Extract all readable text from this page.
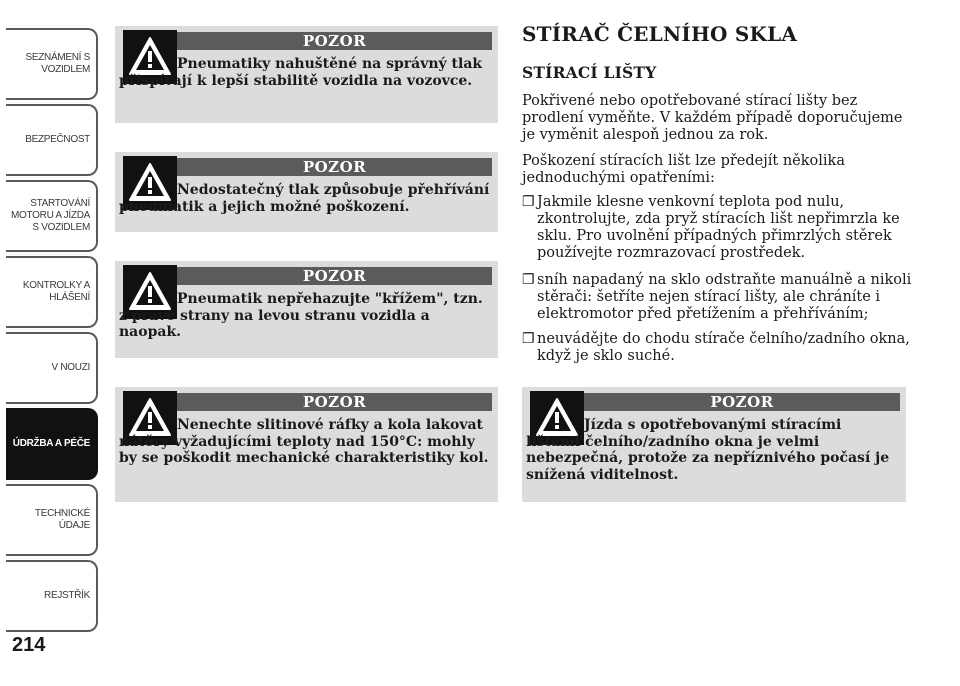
SEZNÁMENÍ S
VOZIDLEM
BEZPEČNOST
STARTOVÁNÍ
MOTORU A JÍZDA
S VOZIDLEM
KONTROLKY A
HLÁŠENÍ
V NOUZI
ÚDRŽBA A PÉČE
TECHNICKÉ
ÚDAJE
REJSTŘÍK
214
POZOR
Pneumatiky nahuštěné na správný tlak přispívají k lepší stabilitě vozidla na vozovce.
POZOR
Nedostatečný tlak způsobuje přehřívání pneumatik a jejich možné poškození.
POZOR
Pneumatik nepřehazujte "křížem", tzn. z pravé strany na levou stranu vozidla a naopak.
POZOR
Nenechte slitinové ráfky a kola lakovat nátěry vyžadujícími teploty nad 150°C: mohly by se poškodit mechanické charakteristiky kol.
STÍRAČ ČELNÍHO SKLA
STÍRACÍ LIŠTY
Pokřivené nebo opotřebované stírací lišty bez prodlení vyměňte. V každém případě doporučujeme je vyměnit alespoň jednou za rok.
Poškození stíracích lišt lze předejít několika jednoduchými opatřeními:
❐ Jakmile klesne venkovní teplota pod nulu, zkontrolujte, zda pryž stíracích lišt nepřimrzla ke sklu. Pro uvolnění případných přimrzlých stěrek používejte rozmrazovací prostředek.
❐ sníh napadaný na sklo odstraňte manuálně a nikoli stěrači: šetříte nejen stírací lišty, ale chráníte i elektromotor před přetížením a přehříváním;
❐ neuvádějte do chodu stírače čelního/zadního okna, když je sklo suché.
POZOR
Jízda s opotřebovanými stíracími lištami čelního/zadního okna je velmi nebezpečná, protože za nepříznivého počasí je snížená viditelnost.
